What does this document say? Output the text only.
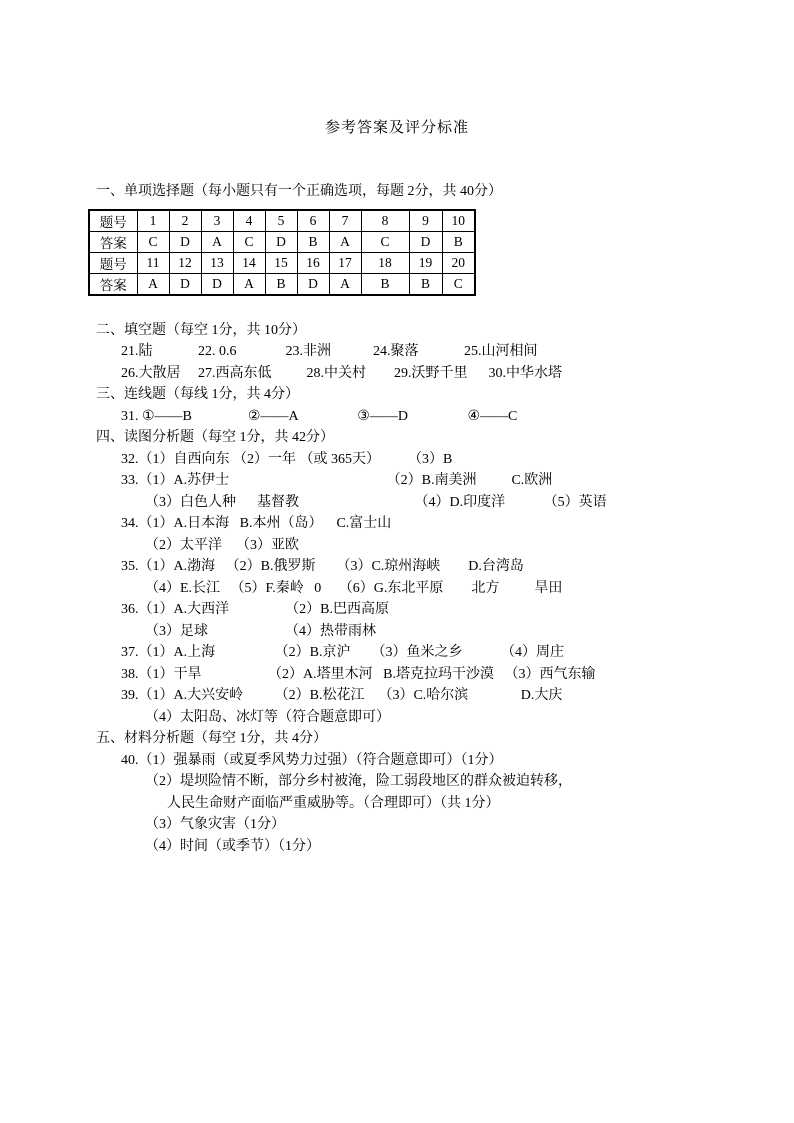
参考答案及评分标准
一、单项选择题（每小题只有一个正确选项，每题 2分，共 40分）
题号	1	2	3	4	5	6	7	8	9	10
答案	C	D	A	C	D	B	A	C	D	B
题号	11	12	13	14	15	16	17	18	19	20
答案	A	D	D	A	B	D	A	B	B	C
二、填空题（每空 1分，共 10分）
21.陆             22. 0.6              23.非洲            24.聚落             25.山河相间
26.大散居     27.西高东低          28.中关村        29.沃野千里      30.中华水塔
三、连线题（每线 1分，共 4分）
31. ①——B                ②——A                 ③——D                 ④——C
四、读图分析题（每空 1分，共 42分）
32.（1）自西向东 （2）一年 （或 365天）        （3）B
33.（1）A.苏伊士                                             （2）B.南美洲          C.欧洲
（3）白色人种      基督教                                 （4）D.印度洋           （5）英语
34.（1）A.日本海   B.本州（岛）    C.富士山
（2）太平洋    （3）亚欧
35.（1）A.渤海   （2）B.俄罗斯      （3）C.琼州海峡        D.台湾岛
（4）E.长江   （5）F.秦岭   0     （6）G.东北平原        北方          旱田
36.（1）A.大西洋                （2）B.巴西高原
（3）足球                      （4）热带雨林
37.（1）A.上海                 （2）B.京沪      （3）鱼米之乡           （4）周庄
38.（1）干旱                   （2）A.塔里木河   B.塔克拉玛干沙漠   （3）西气东输
39.（1）A.大兴安岭         （2）B.松花江    （3）C.哈尔滨               D.大庆
（4）太阳岛、冰灯等（符合题意即可）
五、材料分析题（每空 1分，共 4分）
40.（1）强暴雨（或夏季风势力过强）（符合题意即可）（1分）
（2）堤坝险情不断，部分乡村被淹，险工弱段地区的群众被迫转移，
人民生命财产面临严重威胁等。（合理即可）（共 1分）
（3）气象灾害（1分）
（4）时间（或季节）（1分）
